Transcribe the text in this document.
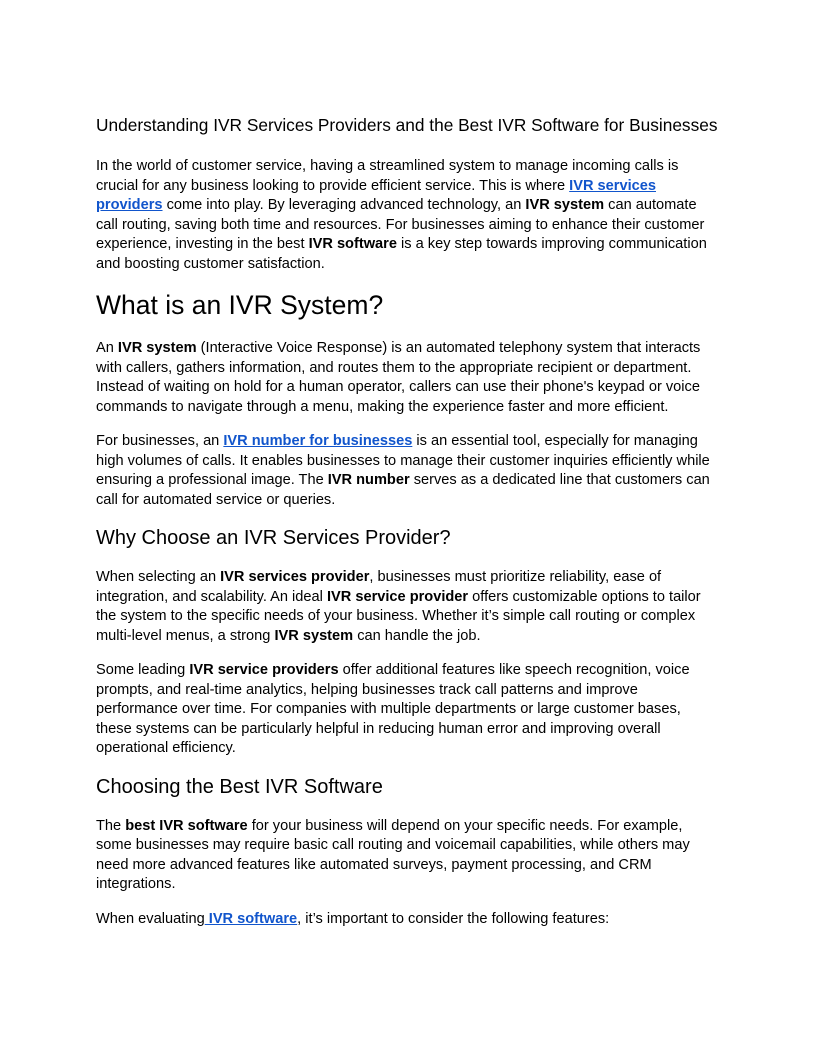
Understanding IVR Services Providers and the Best IVR Software for Businesses

In the world of customer service, having a streamlined system to manage incoming calls is crucial for any business looking to provide efficient service. This is where IVR services providers come into play. By leveraging advanced technology, an IVR system can automate call routing, saving both time and resources. For businesses aiming to enhance their customer experience, investing in the best IVR software is a key step towards improving communication and boosting customer satisfaction.

What is an IVR System?

An IVR system (Interactive Voice Response) is an automated telephony system that interacts with callers, gathers information, and routes them to the appropriate recipient or department. Instead of waiting on hold for a human operator, callers can use their phone's keypad or voice commands to navigate through a menu, making the experience faster and more efficient.

For businesses, an IVR number for businesses is an essential tool, especially for managing high volumes of calls. It enables businesses to manage their customer inquiries efficiently while ensuring a professional image. The IVR number serves as a dedicated line that customers can call for automated service or queries.

Why Choose an IVR Services Provider?

When selecting an IVR services provider, businesses must prioritize reliability, ease of integration, and scalability. An ideal IVR service provider offers customizable options to tailor the system to the specific needs of your business. Whether it’s simple call routing or complex multi-level menus, a strong IVR system can handle the job.

Some leading IVR service providers offer additional features like speech recognition, voice prompts, and real-time analytics, helping businesses track call patterns and improve performance over time. For companies with multiple departments or large customer bases, these systems can be particularly helpful in reducing human error and improving overall operational efficiency.

Choosing the Best IVR Software

The best IVR software for your business will depend on your specific needs. For example, some businesses may require basic call routing and voicemail capabilities, while others may need more advanced features like automated surveys, payment processing, and CRM integrations.

When evaluating IVR software, it’s important to consider the following features:
